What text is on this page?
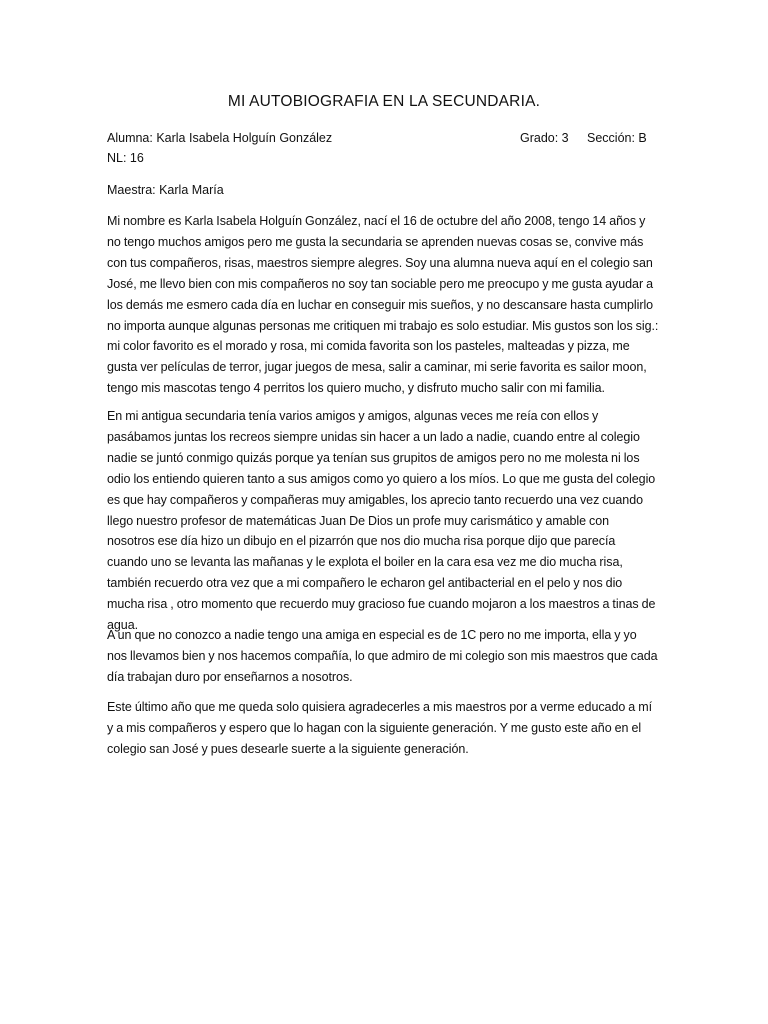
MI AUTOBIOGRAFIA EN LA SECUNDARIA.
Alumna: Karla Isabela Holguín González	Grado: 3 Sección: B
NL: 16
Maestra: Karla María

Mi nombre es Karla Isabela Holguín González, nací el 16 de octubre del año 2008, tengo 14 años y no tengo muchos amigos pero me gusta la secundaria se aprenden nuevas cosas se, convive más con tus compañeros, risas, maestros siempre alegres. Soy una alumna nueva aquí en el colegio san José, me llevo bien con mis compañeros no soy tan sociable pero me preocupo y me gusta ayudar a los demás me esmero cada día en luchar en conseguir mis sueños, y no descansare hasta cumplirlo no importa aunque algunas personas me critiquen mi trabajo es solo estudiar. Mis gustos son los sig.: mi color favorito es el morado y rosa, mi comida favorita son los pasteles, malteadas y pizza, me gusta ver películas de terror, jugar juegos de mesa, salir a caminar, mi serie favorita es sailor moon, tengo mis mascotas tengo 4 perritos los quiero mucho, y disfruto mucho salir con mi familia.

En mi antigua secundaria tenía varios amigos y amigos, algunas veces me reía con ellos y pasábamos juntas los recreos siempre unidas sin hacer a un lado a nadie, cuando entre al colegio nadie se juntó conmigo quizás porque ya tenían sus grupitos de amigos pero no me molesta ni los odio los entiendo quieren tanto a sus amigos como yo quiero a los míos. Lo que me gusta del colegio es que hay compañeros y compañeras muy amigables, los aprecio tanto recuerdo una vez cuando llego nuestro profesor de matemáticas Juan De Dios un profe muy carismático y amable con nosotros ese día hizo un dibujo en el pizarrón que nos dio mucha risa porque dijo que parecía cuando uno se levanta las mañanas y le explota el boiler en la cara esa vez me dio mucha risa, también recuerdo otra vez que a mi compañero le echaron gel antibacterial en el pelo y nos dio mucha risa , otro momento que recuerdo muy gracioso fue cuando mojaron a los maestros a tinas de agua.

A un que no conozco a nadie tengo una amiga en especial es de 1C pero no me importa, ella y yo nos llevamos bien y nos hacemos compañía, lo que admiro de mi colegio son mis maestros que cada día trabajan duro por enseñarnos a nosotros.

Este último año que me queda solo quisiera agradecerles a mis maestros por a verme educado a mí y a mis compañeros y espero que lo hagan con la siguiente generación. Y me gusto este año en el colegio san José y pues desearle suerte a la siguiente generación.
